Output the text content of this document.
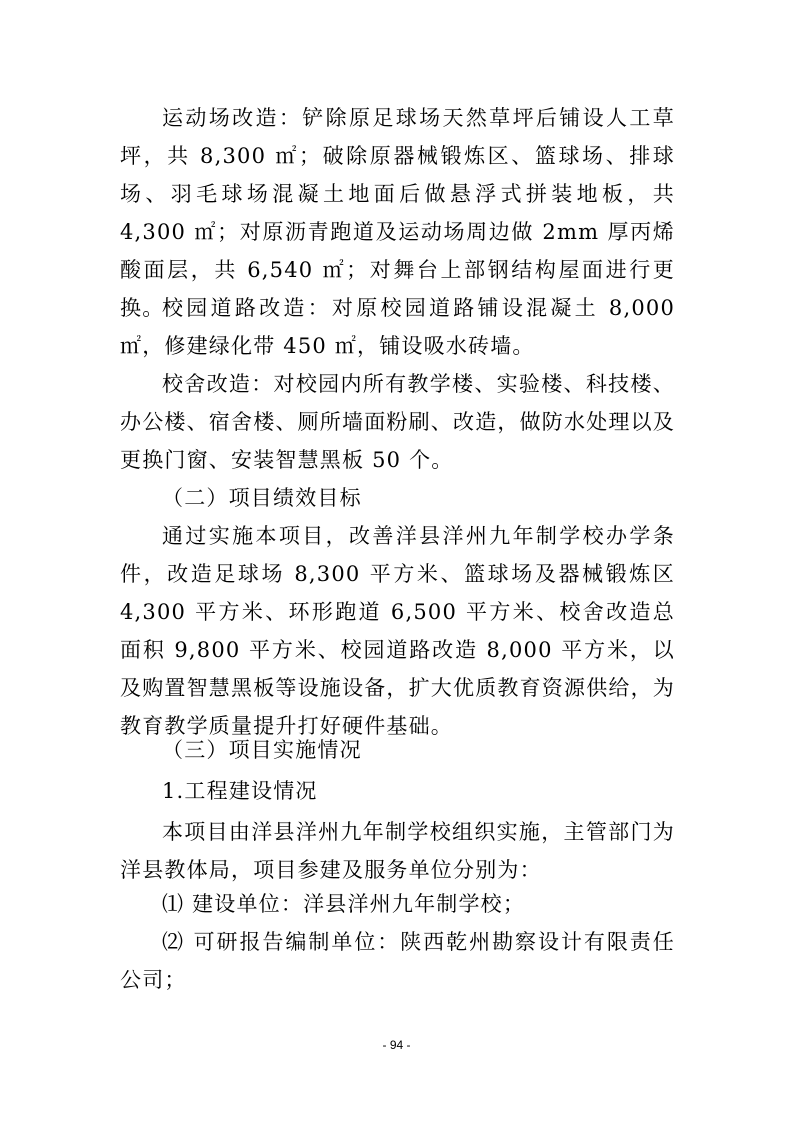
运动场改造：铲除原足球场天然草坪后铺设人工草坪，共 8,300 ㎡；破除原器械锻炼区、篮球场、排球场、羽毛球场混凝土地面后做悬浮式拼装地板，共 4,300 ㎡；对原沥青跑道及运动场周边做 2mm 厚丙烯酸面层，共 6,540 ㎡；对舞台上部钢结构屋面进行更换。

校园道路改造：对原校园道路铺设混凝土 8,000 ㎡，修建绿化带 450 ㎡，铺设吸水砖墙。

校舍改造：对校园内所有教学楼、实验楼、科技楼、办公楼、宿舍楼、厕所墙面粉刷、改造，做防水处理以及更换门窗、安装智慧黑板 50 个。

（二）项目绩效目标

通过实施本项目，改善洋县洋州九年制学校办学条件，改造足球场 8,300 平方米、篮球场及器械锻炼区 4,300 平方米、环形跑道 6,500 平方米、校舍改造总面积 9,800 平方米、校园道路改造 8,000 平方米，以及购置智慧黑板等设施设备，扩大优质教育资源供给，为教育教学质量提升打好硬件基础。

（三）项目实施情况

1.工程建设情况

本项目由洋县洋州九年制学校组织实施，主管部门为洋县教体局，项目参建及服务单位分别为：

⑴ 建设单位：洋县洋州九年制学校；

⑵ 可研报告编制单位：陕西乾州勘察设计有限责任公司；

- 94 -
